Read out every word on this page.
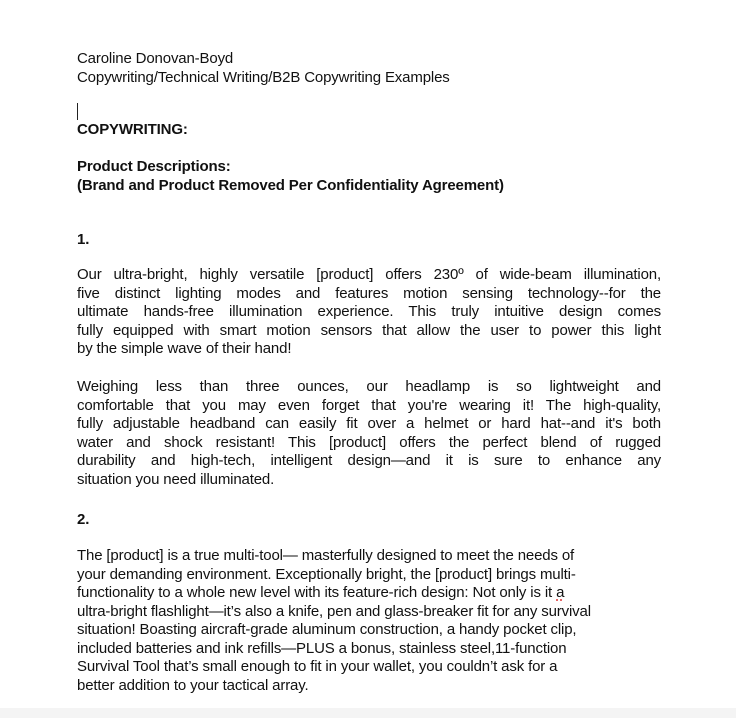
Caroline Donovan-Boyd
Copywriting/Technical Writing/B2B Copywriting Examples
COPYWRITING:
Product Descriptions:
(Brand and Product Removed Per Confidentiality Agreement)
1.
Our ultra-bright, highly versatile [product] offers 230º of wide-beam illumination,
five distinct lighting modes and features motion sensing technology--for the
ultimate hands-free illumination experience. This truly intuitive design comes
fully equipped with smart motion sensors that allow the user to power this light
by the simple wave of their hand!
Weighing less than three ounces, our headlamp is so lightweight and
comfortable that you may even forget that you're wearing it! The high-quality,
fully adjustable headband can easily fit over a helmet or hard hat--and it's both
water and shock resistant! This [product] offers the perfect blend of rugged
durability and high-tech, intelligent design—and it is sure to enhance any
situation you need illuminated.
2.
The [product] is a true multi-tool— masterfully designed to meet the needs of
your demanding environment. Exceptionally bright, the [product] brings multi-
functionality to a whole new level with its feature-rich design: Not only is it a
ultra-bright flashlight—it’s also a knife, pen and glass-breaker fit for any survival
situation! Boasting aircraft-grade aluminum construction, a handy pocket clip,
included batteries and ink refills—PLUS a bonus, stainless steel,11-function
Survival Tool that’s small enough to fit in your wallet, you couldn’t ask for a
better addition to your tactical array.
